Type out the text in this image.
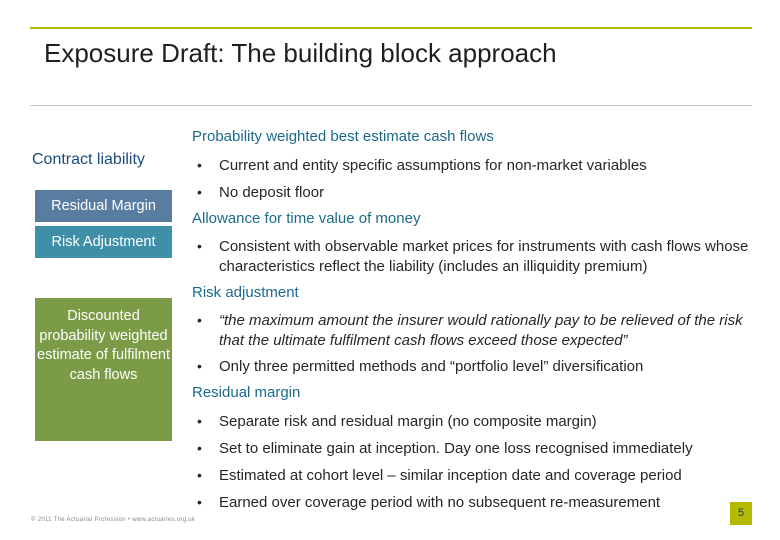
Exposure Draft: The building block approach
Contract liability
Residual Margin
Risk Adjustment
Discounted probability weighted estimate of fulfilment cash flows
Probability weighted best estimate cash flows
• Current and entity specific assumptions for non-market variables
• No deposit floor
Allowance for time value of money
• Consistent with observable market prices for instruments with cash flows whose characteristics reflect the liability (includes an illiquidity premium)
Risk adjustment
• “the maximum amount the insurer would rationally pay to be relieved of the risk that the ultimate fulfilment cash flows exceed those expected”
• Only three permitted methods and “portfolio level” diversification
Residual margin
• Separate risk and residual margin (no composite margin)
• Set to eliminate gain at inception. Day one loss recognised immediately
• Estimated at cohort level – similar inception date and coverage period
• Earned over coverage period with no subsequent re-measurement
© 2011 The Actuarial Profession • www.actuaries.org.uk
5
